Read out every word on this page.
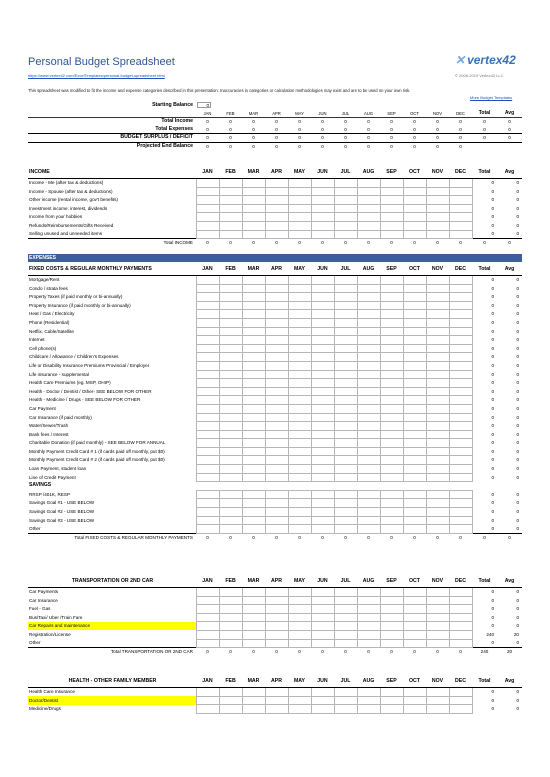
Personal Budget Spreadsheet
https://www.vertex42.com/ExcelTemplates/personal-budget-spreadsheet.html
✕ vertex42
© 2008-2019 Vertex42 LLC
This spreadsheet was modified to fit the income and expense categories described in this presentation. Inaccuracies in categories or calculation methodologies may exist and are to be used on your own risk.
More Budget Templates
0
Starting Balance														
	JAN	FEB	MAR	APR	MAY	JUN	JUL	AUG	SEP	OCT	NOV	DEC	Total	Avg
Total Income	0	0	0	0	0	0	0	0	0	0	0	0	0	0
Total Expenses	0	0	0	0	0	0	0	0	0	0	0	0	0	0
BUDGET SURPLUS / DEFICIT	0	0	0	0	0	0	0	0	0	0	0	0	0	0
Projected End Balance	0	0	0	0	0	0	0	0	0	0	0	0		
INCOME	JAN	FEB	MAR	APR	MAY	JUN	JUL	AUG	SEP	OCT	NOV	DEC	Total	Avg
Income - Me (after tax & deductions)													0	0
Income - Spouse (after tax & deductions)													0	0
Other income (rental income, gov't benefits)													0	0
Investment income: interest, dividends													0	0
Income from your hobbies													0	0
Refunds/Reimbursements/Gifts Received													0	0
Selling unused and unneeded items													0	0
Total INCOME	0	0	0	0	0	0	0	0	0	0	0	0	0	0
EXPENSES
FIXED COSTS & REGULAR MONTHLY PAYMENTS	JAN	FEB	MAR	APR	MAY	JUN	JUL	AUG	SEP	OCT	NOV	DEC	Total	Avg
Mortgage/Rent													0	0
Condo / strata fees													0	0
Property Taxes (if paid monthly or bi-annually)													0	0
Property Insurance (if paid monthly or bi-annually)													0	0
Heat / Gas / Electricity													0	0
Phone (Residential)													0	0
Netflix, Cable/Satellite													0	0
Internet													0	0
Cell phone(s)													0	0
Childcare / Allowance / Children's Expenses													0	0
Life or Disability Insurance Premiums Provincial / Employer													0	0
Life insurance - supplemental													0	0
Health Care Premiums (eg. MSP, OHIP)													0	0
Health - Doctor / Dentist / Other- SEE BELOW FOR OTHER													0	0
Health - Medicine / Drugs - SEE BELOW FOR OTHER													0	0
Car Payment													0	0
Car Insurance (if paid monthly)													0	0
Water/Sewer/Trash													0	0
Bank fees / Interest													0	0
Charitable Donation (if paid monthly) - SEE BELOW FOR ANNUAL													0	0
Monthly Payment Credit Card # 1 (if cards paid off monthly, put $0)													0	0
Monthly Payment Credit Card # 2 (if cards paid off monthly, put $0)													0	0
Loan Payment, student loan													0	0
Line of Credit Payment													0	0
SAVINGS														
RRSP /401K, RESP													0	0
Savings Goal #1 - USE BELOW													0	0
Savings Goal #2 - USE BELOW													0	0
Savings Goal #3 - USE BELOW													0	0
Other													0	0
Total FIXED COSTS & REGULAR MONTHLY PAYMENTS	0	0	0	0	0	0	0	0	0	0	0	0	0	0
TRANSPORTATION OR 2ND CAR	JAN	FEB	MAR	APR	MAY	JUN	JUL	AUG	SEP	OCT	NOV	DEC	Total	Avg
Car Payments													0	0
Car Insurance													0	0
Fuel - Gas													0	0
Bus/Taxi/ Uber /Train Fare													0	0
Car Repairs and maintenance													0	0
Registration/License													240	20
Other													0	0
Total TRANSPORTATION OR 2ND CAR	0	0	0	0	0	0	0	0	0	0	0	0	240	20
HEALTH - OTHER FAMILY MEMBER	JAN	FEB	MAR	APR	MAY	JUN	JUL	AUG	SEP	OCT	NOV	DEC	Total	Avg
Health Care Insurance													0	0
Doctor/Dentist													0	0
Medicine/Drugs													0	0
